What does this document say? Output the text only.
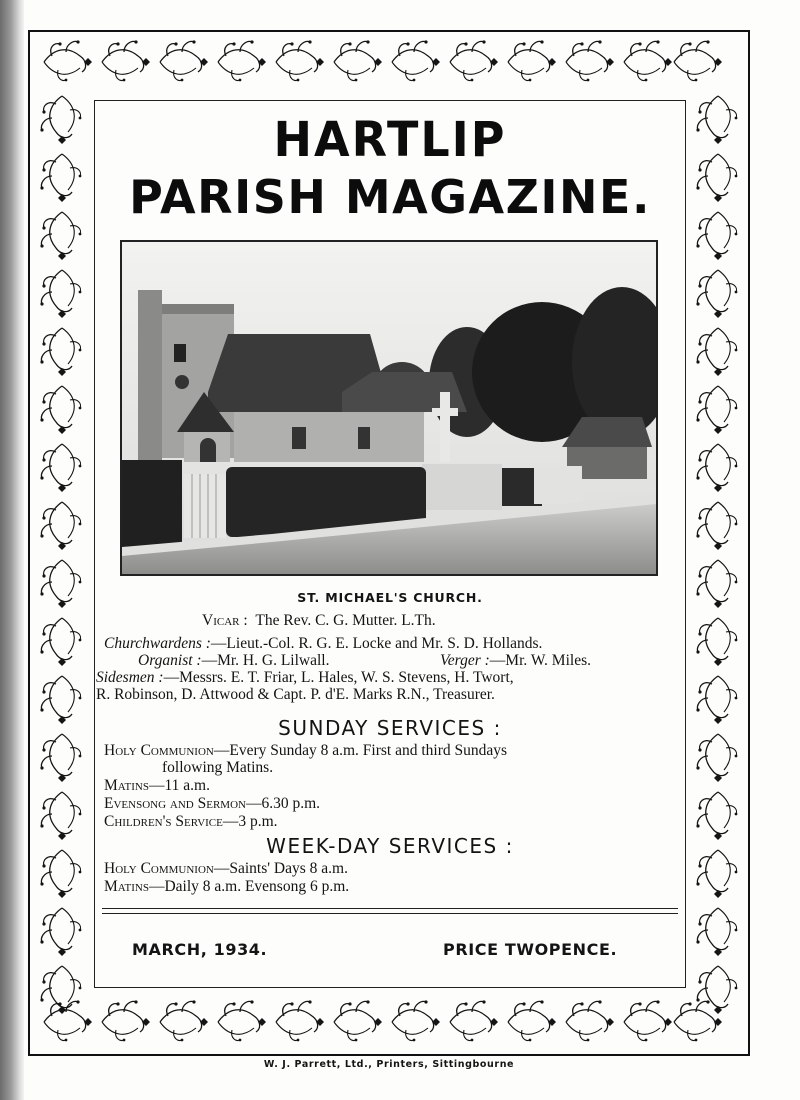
HARTLIP
PARISH MAGAZINE.
ST. MICHAEL'S CHURCH.
Vicar : The Rev. C. G. Mutter. L.Th.
Churchwardens :—Lieut.-Col. R. G. E. Locke and Mr. S. D. Hollands.
Organist :—Mr. H. G. Lilwall.	Verger :—Mr. W. Miles.
Sidesmen :—Messrs. E. T. Friar, L. Hales, W. S. Stevens, H. Twort,
R. Robinson, D. Attwood & Capt. P. d'E. Marks R.N., Treasurer.
SUNDAY SERVICES :
Holy Communion—Every Sunday 8 a.m. First and third Sundays
following Matins.
Matins—11 a.m.
Evensong and Sermon—6.30 p.m.
Children's Service—3 p.m.
WEEK-DAY SERVICES :
Holy Communion—Saints' Days 8 a.m.
Matins—Daily 8 a.m. Evensong 6 p.m.
MARCH, 1934.	PRICE TWOPENCE.
W. J. Parrett, Ltd., Printers, Sittingbourne
